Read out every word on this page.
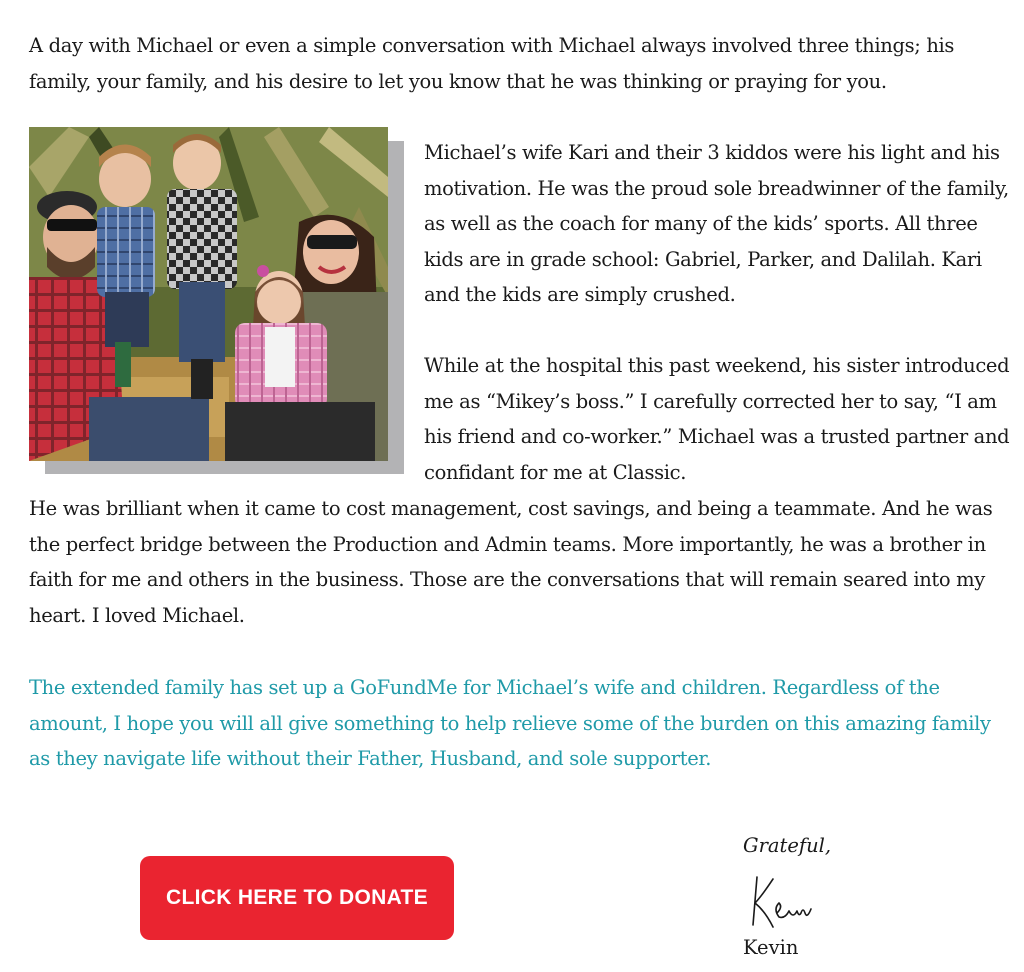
A day with Michael or even a simple conversation with Michael always involved three things; his family, your family, and his desire to let you know that he was thinking or praying for you.

Michael’s wife Kari and their 3 kiddos were his light and his motivation. He was the proud sole breadwinner of the family, as well as the coach for many of the kids’ sports. All three kids are in grade school: Gabriel, Parker, and Dalilah. Kari and the kids are simply crushed.

While at the hospital this past weekend, his sister introduced me as “Mikey’s boss.” I carefully corrected her to say, “I am his friend and co-worker.” Michael was a trusted partner and confidant for me at Classic.

He was brilliant when it came to cost management, cost savings, and being a teammate. And he was the perfect bridge between the Production and Admin teams. More importantly, he was a brother in faith for me and others in the business. Those are the conversations that will remain seared into my heart. I loved Michael.

The extended family has set up a GoFundMe for Michael’s wife and children. Regardless of the amount, I hope you will all give something to help relieve some of the burden on this amazing family as they navigate life without their Father, Husband, and sole supporter.

CLICK HERE TO DONATE
Grateful,
Kevin
